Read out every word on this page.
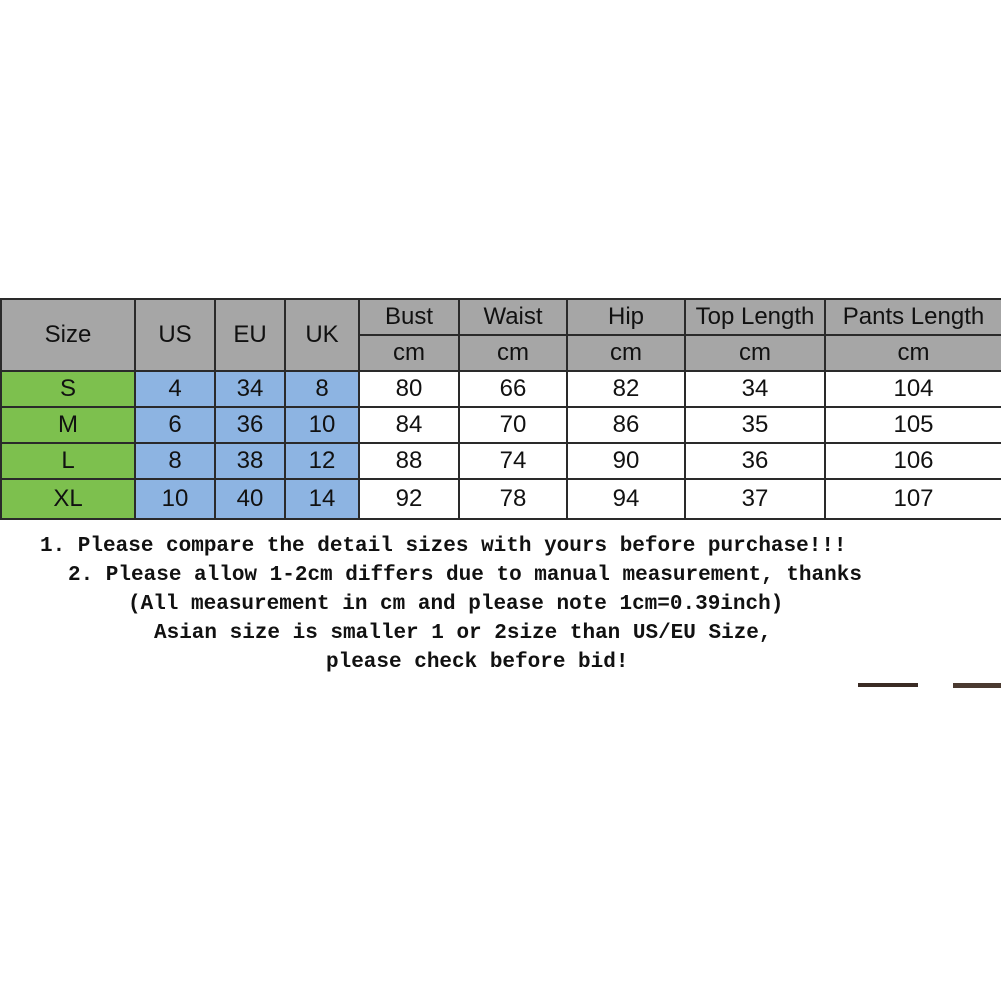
Size	US	EU	UK	Bust	Waist	Hip	Top Length	Pants Length
				cm	cm	cm	cm	cm
S	4	34	8	80	66	82	34	104
M	6	36	10	84	70	86	35	105
L	8	38	12	88	74	90	36	106
XL	10	40	14	92	78	94	37	107
1. Please compare the detail sizes with yours before purchase!!!
2. Please allow 1-2cm differs due to manual measurement, thanks
(All measurement in cm and please note 1cm=0.39inch)
Asian size is smaller 1 or 2size than US/EU Size,
please check before bid!
